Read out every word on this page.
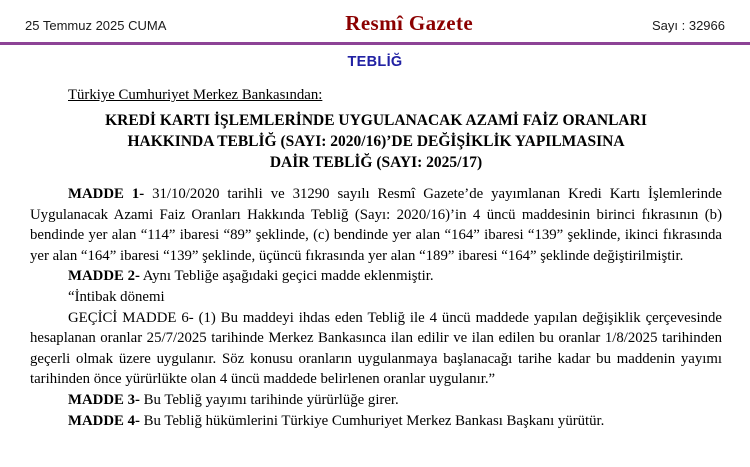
25 Temmuz 2025 CUMA	Resmî Gazete	Sayı : 32966
TEBLİĞ
Türkiye Cumhuriyet Merkez Bankasından:
KREDİ KARTI İŞLEMLERİNDE UYGULANACAK AZAMİ FAİZ ORANLARI
HAKKINDA TEBLİĞ (SAYI: 2020/16)’DE DEĞİŞİKLİK YAPILMASINA
DAİR TEBLİĞ (SAYI: 2025/17)

MADDE 1- 31/10/2020 tarihli ve 31290 sayılı Resmî Gazete’de yayımlanan Kredi Kartı İşlemlerinde Uygulanacak Azami Faiz Oranları Hakkında Tebliğ (Sayı: 2020/16)’in 4 üncü maddesinin birinci fıkrasının (b) bendinde yer alan “114” ibaresi “89” şeklinde, (c) bendinde yer alan “164” ibaresi “139” şeklinde, ikinci fıkrasında yer alan “164” ibaresi “139” şeklinde, üçüncü fıkrasında yer alan “189” ibaresi “164” şeklinde değiştirilmiştir.

MADDE 2- Aynı Tebliğe aşağıdaki geçici madde eklenmiştir.

“İntibak dönemi

GEÇİCİ MADDE 6- (1) Bu maddeyi ihdas eden Tebliğ ile 4 üncü maddede yapılan değişiklik çerçevesinde hesaplanan oranlar 25/7/2025 tarihinde Merkez Bankasınca ilan edilir ve ilan edilen bu oranlar 1/8/2025 tarihinden geçerli olmak üzere uygulanır. Söz konusu oranların uygulanmaya başlanacağı tarihe kadar bu maddenin yayımı tarihinden önce yürürlükte olan 4 üncü maddede belirlenen oranlar uygulanır.”

MADDE 3- Bu Tebliğ yayımı tarihinde yürürlüğe girer.

MADDE 4- Bu Tebliğ hükümlerini Türkiye Cumhuriyet Merkez Bankası Başkanı yürütür.
